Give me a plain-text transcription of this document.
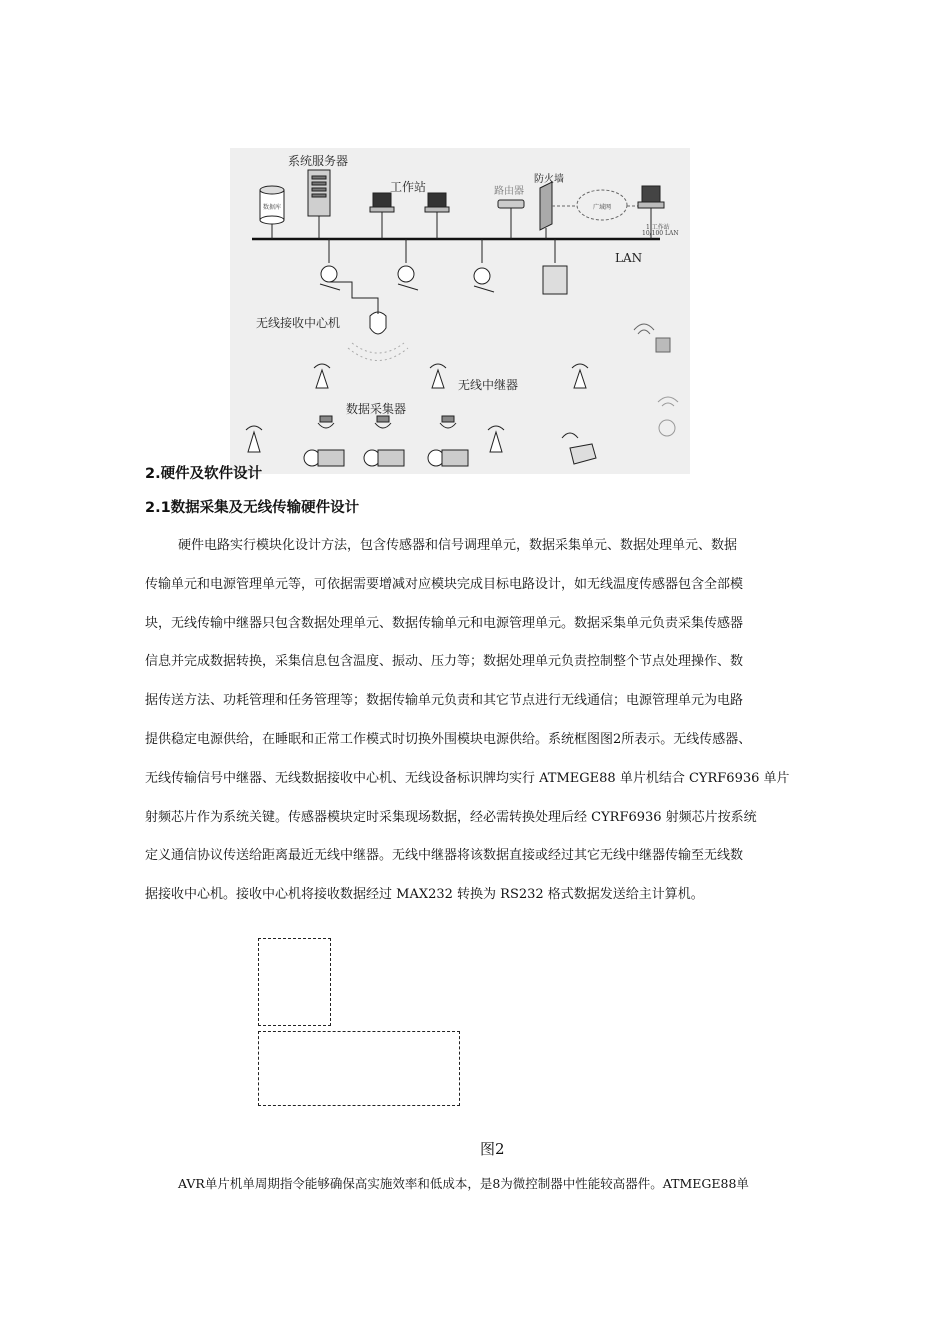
系统服务器
工作站	路由器
防火墙
LAN
无线接收中心机
无线中继器
数据采集器
数据库	广域网
1 工作站
10/100 LAN
2.硬件及软件设计
2.1数据采集及无线传输硬件设计
硬件电路实行模块化设计方法，包含传感器和信号调理单元，数据采集单元、数据处理单元、数据
传输单元和电源管理单元等，可依据需要增减对应模块完成目标电路设计，如无线温度传感器包含全部模
块，无线传输中继器只包含数据处理单元、数据传输单元和电源管理单元。数据采集单元负责采集传感器
信息并完成数据转换，采集信息包含温度、振动、压力等；数据处理单元负责控制整个节点处理操作、数
据传送方法、功耗管理和任务管理等；数据传输单元负责和其它节点进行无线通信；电源管理单元为电路
提供稳定电源供给，在睡眠和正常工作模式时切换外围模块电源供给。系统框图图2所表示。无线传感器、
无线传输信号中继器、无线数据接收中心机、无线设备标识牌均实行 ATMEGE88 单片机结合 CYRF6936 单片
射频芯片作为系统关键。传感器模块定时采集现场数据，经必需转换处理后经 CYRF6936 射频芯片按系统
定义通信协议传送给距离最近无线中继器。无线中继器将该数据直接或经过其它无线中继器传输至无线数
据接收中心机。接收中心机将接收数据经过 MAX232 转换为 RS232 格式数据发送给主计算机。
图2
AVR单片机单周期指令能够确保高实施效率和低成本，是8为微控制器中性能较高器件。ATMEGE88单
